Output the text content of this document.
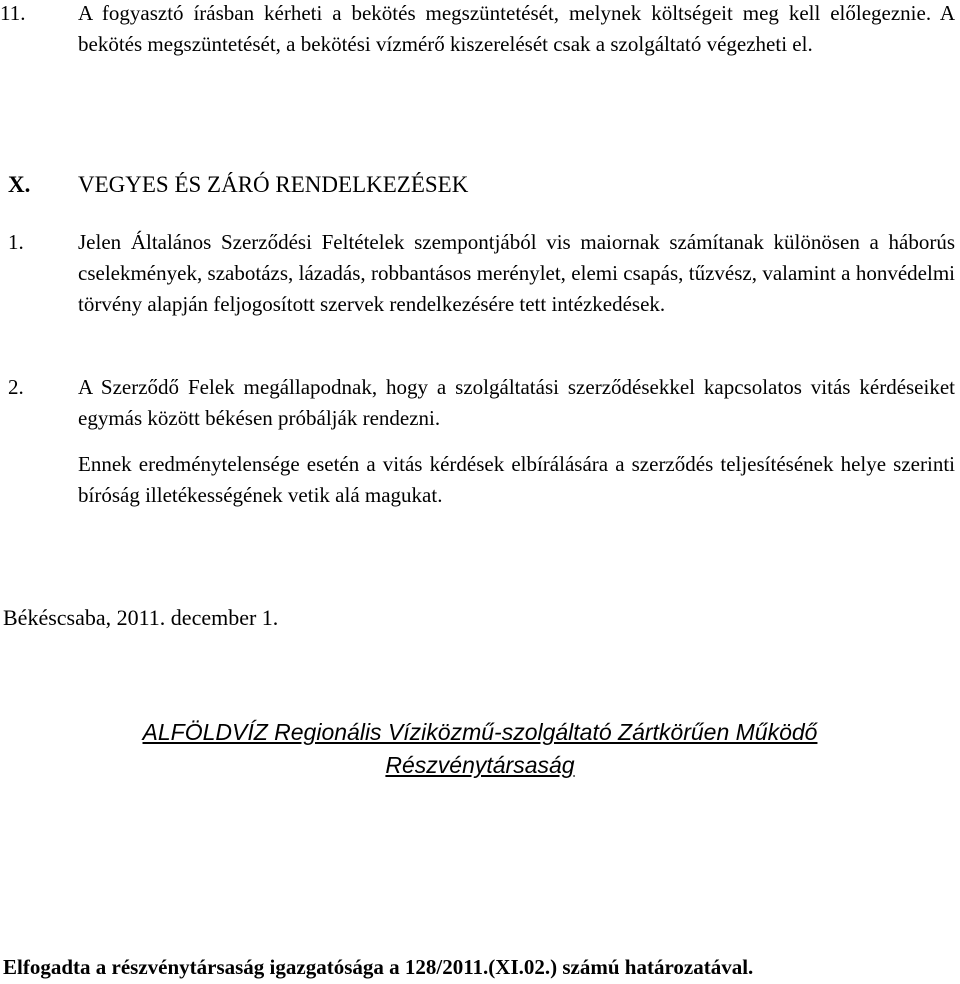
11.	A fogyasztó írásban kérheti a bekötés megszüntetését, melynek költségeit meg kell előlegeznie. A bekötés megszüntetését, a bekötési vízmérő kiszerelését csak a szolgáltató végezheti el.
X. VEGYES ÉS ZÁRÓ RENDELKEZÉSEK
1.	Jelen Általános Szerződési Feltételek szempontjából vis maiornak számítanak különösen a háborús cselekmények, szabotázs, lázadás, robbantásos merénylet, elemi csapás, tűzvész, valamint a honvédelmi törvény alapján feljogosított szervek rendelkezésére tett intézkedések.
2.	A Szerződő Felek megállapodnak, hogy a szolgáltatási szerződésekkel kapcsolatos vitás kérdéseiket egymás között békésen próbálják rendezni.
Ennek eredménytelensége esetén a vitás kérdések elbírálására a szerződés teljesítésének helye szerinti bíróság illetékességének vetik alá magukat.
Békéscsaba, 2011. december 1.
ALFÖLDVÍZ Regionális Víziközmű-szolgáltató Zártkörűen Működő
Részvénytársaság
Elfogadta a részvénytársaság igazgatósága a 128/2011.(XI.02.) számú határozatával.
